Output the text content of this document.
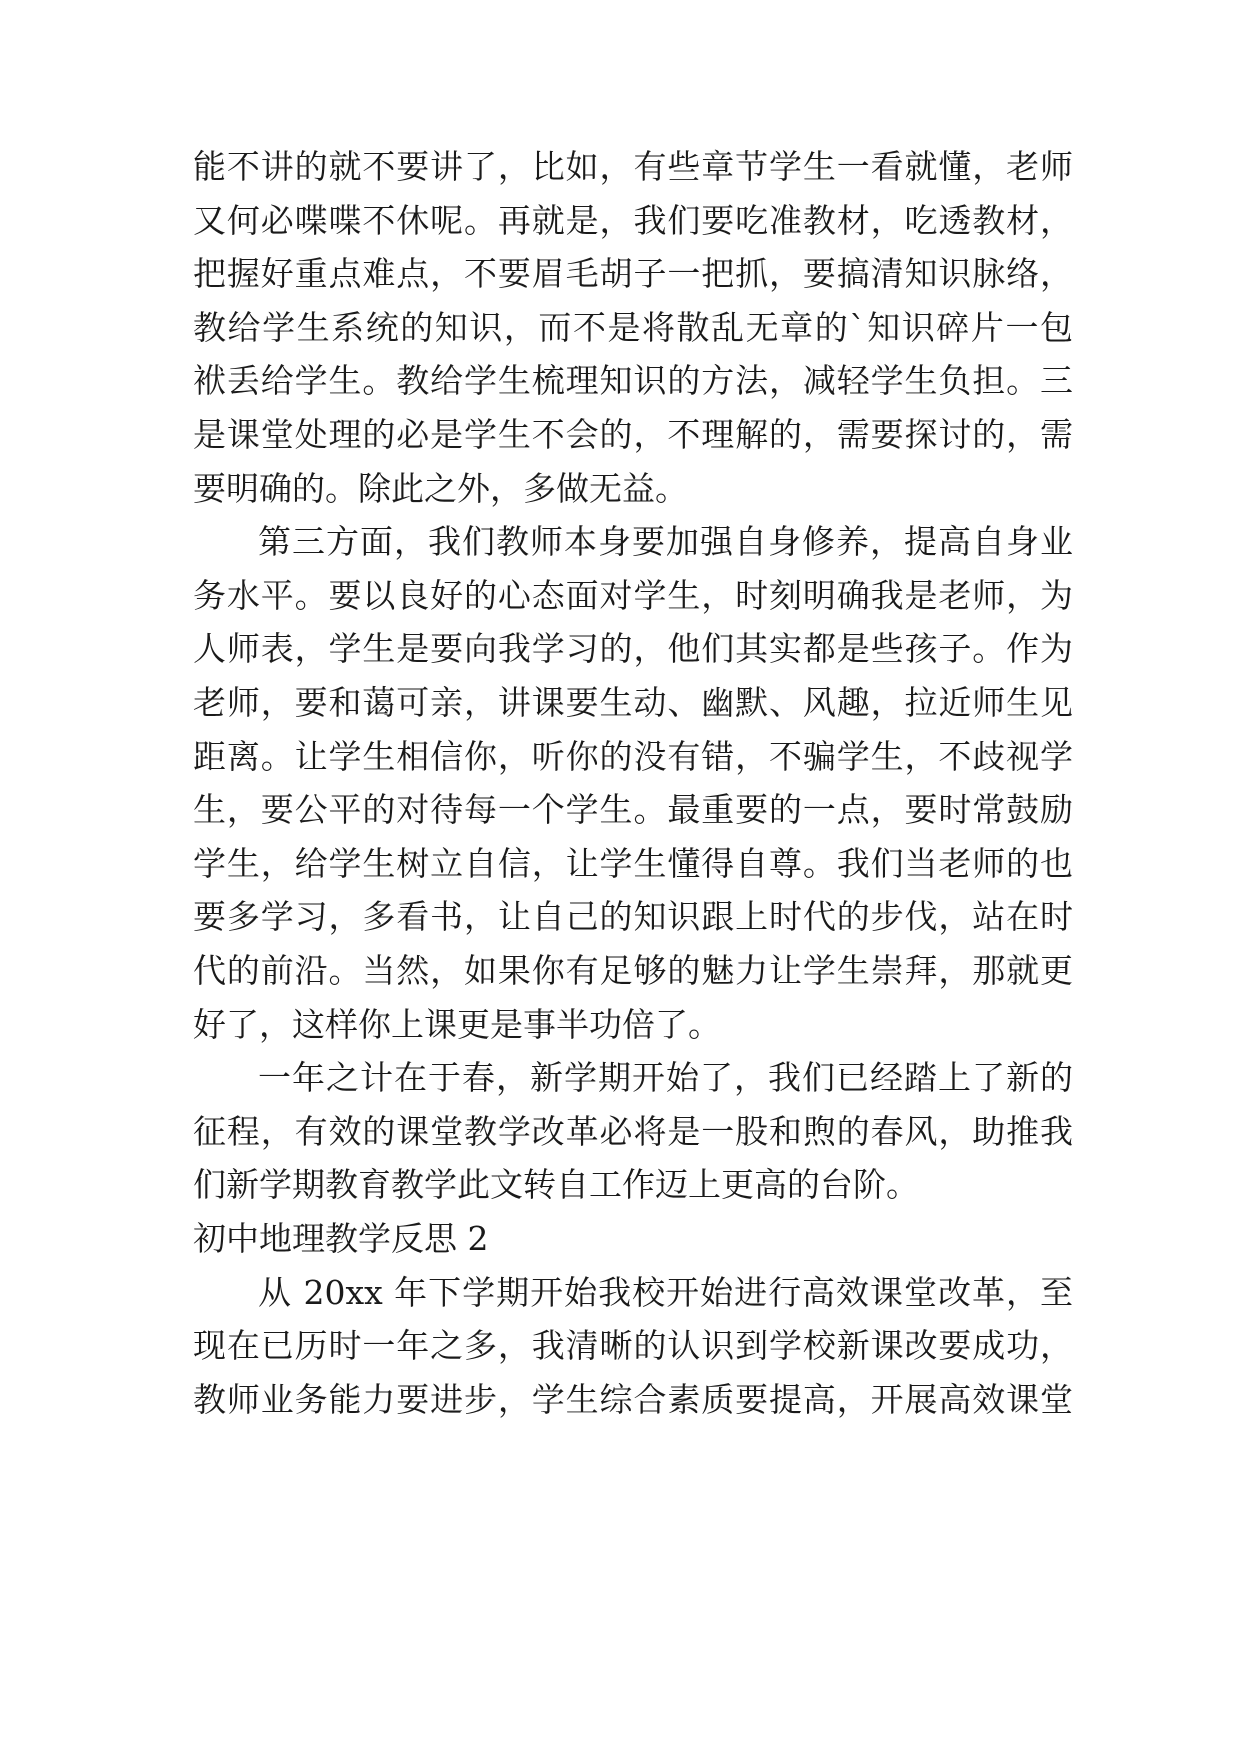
能不讲的就不要讲了，比如，有些章节学生一看就懂，老师
又何必喋喋不休呢。再就是，我们要吃准教材，吃透教材，
把握好重点难点，不要眉毛胡子一把抓，要搞清知识脉络，
教给学生系统的知识，而不是将散乱无章的`知识碎片一包
袱丢给学生。教给学生梳理知识的方法，减轻学生负担。三
是课堂处理的必是学生不会的，不理解的，需要探讨的，需
要明确的。除此之外，多做无益。
第三方面，我们教师本身要加强自身修养，提高自身业
务水平。要以良好的心态面对学生，时刻明确我是老师，为
人师表，学生是要向我学习的，他们其实都是些孩子。作为
老师，要和蔼可亲，讲课要生动、幽默、风趣，拉近师生见
距离。让学生相信你，听你的没有错，不骗学生，不歧视学
生，要公平的对待每一个学生。最重要的一点，要时常鼓励
学生，给学生树立自信，让学生懂得自尊。我们当老师的也
要多学习，多看书，让自己的知识跟上时代的步伐，站在时
代的前沿。当然，如果你有足够的魅力让学生崇拜，那就更
好了，这样你上课更是事半功倍了。
一年之计在于春，新学期开始了，我们已经踏上了新的
征程，有效的课堂教学改革必将是一股和煦的春风，助推我
们新学期教育教学此文转自工作迈上更高的台阶。
初中地理教学反思 2
从 20xx 年下学期开始我校开始进行高效课堂改革，至
现在已历时一年之多，我清晰的认识到学校新课改要成功，
教师业务能力要进步，学生综合素质要提高，开展高效课堂
